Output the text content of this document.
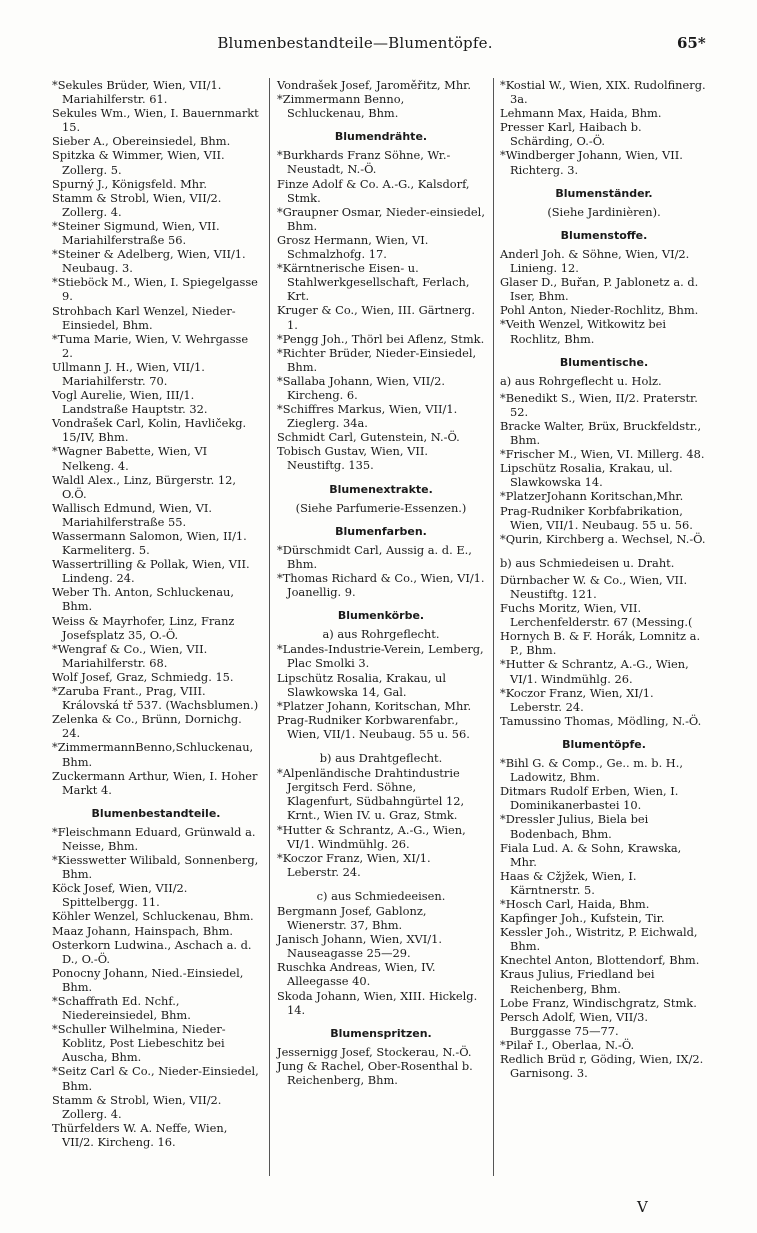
Blumenbestandteile—Blumentöpfe.	65*
*Sekules Brüder, Wien, VII/1. Mariahilferstr. 61.
Sekules Wm., Wien, I. Bauernmarkt 15.
Sieber A., Obereinsiedel, Bhm.
Spitzka & Wimmer, Wien, VII. Zollerg. 5.
Spurný J., Königsfeld. Mhr.
Stamm & Strobl, Wien, VII/2. Zollerg. 4.
*Steiner Sigmund, Wien, VII. Mariahilferstraße 56.
*Steiner & Adelberg, Wien, VII/1. Neubaug. 3.
*Stieböck M., Wien, I. Spiegelgasse 9.
Strohbach Karl Wenzel, Nieder-Einsiedel, Bhm.
*Tuma Marie, Wien, V. Wehrgasse 2.
Ullmann J. H., Wien, VII/1. Mariahilferstr. 70.
Vogl Aurelie, Wien, III/1. Landstraße Hauptstr. 32.
Vondrašek Carl, Kolin, Havličekg. 15/IV, Bhm.
*Wagner Babette, Wien, VI Nelkeng. 4.
Waldl Alex., Linz, Bürgerstr. 12, O.Ö.
Wallisch Edmund, Wien, VI. Mariahilferstraße 55.
Wassermann Salomon, Wien, II/1. Karmeliterg. 5.
Wassertrilling & Pollak, Wien, VII. Lindeng. 24.
Weber Th. Anton, Schluckenau, Bhm.
Weiss & Mayrhofer, Linz, Franz Josefsplatz 35, O.-Ö.
*Wengraf & Co., Wien, VII. Mariahilferstr. 68.
Wolf Josef, Graz, Schmiedg. 15.
*Zaruba Frant., Prag, VIII. Královská tř 537. (Wachsblumen.)
Zelenka & Co., Brünn, Dornichg. 24.
*ZimmermannBenno,Schluckenau, Bhm.
Zuckermann Arthur, Wien, I. Hoher Markt 4.
Blumenbestandteile.
*Fleischmann Eduard, Grünwald a. Neisse, Bhm.
*Kiesswetter Wilibald, Sonnenberg, Bhm.
Köck Josef, Wien, VII/2. Spittelbergg. 11.
Köhler Wenzel, Schluckenau, Bhm.
Maaz Johann, Hainspach, Bhm.
Osterkorn Ludwina., Aschach a. d. D., O.-Ö.
Ponocny Johann, Nied.-Einsiedel, Bhm.
*Schaffrath Ed. Nchf., Niedereinsiedel, Bhm.
*Schuller Wilhelmina, Nieder-Koblitz, Post Liebeschitz bei Auscha, Bhm.
*Seitz Carl & Co., Nieder-Einsiedel, Bhm.
Stamm & Strobl, Wien, VII/2. Zollerg. 4.
Thürfelders W. A. Neffe, Wien, VII/2. Kircheng. 16.
Vondrašek Josef, Jaroměřitz, Mhr.
*Zimmermann Benno, Schluckenau, Bhm.
Blumendrähte.
*Burkhards Franz Söhne, Wr.-Neustadt, N.-Ö.
Finze Adolf & Co. A.-G., Kalsdorf, Stmk.
*Graupner Osmar, Nieder-einsiedel, Bhm.
Grosz Hermann, Wien, VI. Schmalzhofg. 17.
*Kärntnerische Eisen- u. Stahlwerkgesellschaft, Ferlach, Krt.
Kruger & Co., Wien, III. Gärtnerg. 1.
*Pengg Joh., Thörl bei Aflenz, Stmk.
*Richter Brüder, Nieder-Einsiedel, Bhm.
*Sallaba Johann, Wien, VII/2. Kircheng. 6.
*Schiffres Markus, Wien, VII/1. Zieglerg. 34a.
Schmidt Carl, Gutenstein, N.-Ö.
Tobisch Gustav, Wien, VII. Neustiftg. 135.
Blumenextrakte.
(Siehe Parfumerie-Essenzen.)
Blumenfarben.
*Dürschmidt Carl, Aussig a. d. E., Bhm.
*Thomas Richard & Co., Wien, VI/1. Joanellig. 9.
Blumenkörbe.
a) aus Rohrgeflecht.
*Landes-Industrie-Verein, Lemberg, Plac Smolki 3.
Lipschütz Rosalia, Krakau, ul Slawkowska 14, Gal.
*Platzer Johann, Koritschan, Mhr.
Prag-Rudniker Korbwarenfabr., Wien, VII/1. Neubaug. 55 u. 56.
b) aus Drahtgeflecht.
*Alpenländische Drahtindustrie Jergitsch Ferd. Söhne, Klagenfurt, Südbahngürtel 12, Krnt., Wien IV. u. Graz, Stmk.
*Hutter & Schrantz, A.-G., Wien, VI/1. Windmühlg. 26.
*Koczor Franz, Wien, XI/1. Leberstr. 24.
c) aus Schmiedeeisen.
Bergmann Josef, Gablonz, Wienerstr. 37, Bhm.
Janisch Johann, Wien, XVI/1. Nauseagasse 25—29.
Ruschka Andreas, Wien, IV. Alleegasse 40.
Skoda Johann, Wien, XIII. Hickelg. 14.
Blumenspritzen.
Jessernigg Josef, Stockerau, N.-Ö.
Jung & Rachel, Ober-Rosenthal b. Reichenberg, Bhm.
*Kostial W., Wien, XIX. Rudolfinerg. 3a.
Lehmann Max, Haida, Bhm.
Presser Karl, Haibach b. Schärding, O.-Ö.
*Windberger Johann, Wien, VII. Richterg. 3.
Blumenständer.
(Siehe Jardinièren).
Blumenstoffe.
Anderl Joh. & Söhne, Wien, VI/2. Linieng. 12.
Glaser D., Buřan, P. Jablonetz a. d. Iser, Bhm.
Pohl Anton, Nieder-Rochlitz, Bhm.
*Veith Wenzel, Witkowitz bei Rochlitz, Bhm.
Blumentische.
a) aus Rohrgeflecht u. Holz.
*Benedikt S., Wien, II/2. Praterstr. 52.
Bracke Walter, Brüx, Bruckfeldstr., Bhm.
*Frischer M., Wien, VI. Millerg. 48.
Lipschütz Rosalia, Krakau, ul. Slawkowska 14.
*PlatzerJohann Koritschan,Mhr.
Prag-Rudniker Korbfabrikation, Wien, VII/1. Neubaug. 55 u. 56.
*Qurin, Kirchberg a. Wechsel, N.-Ö.
b) aus Schmiedeisen u. Draht.
Dürnbacher W. & Co., Wien, VII. Neustiftg. 121.
Fuchs Moritz, Wien, VII. Lerchenfelderstr. 67 (Messing.(
Hornych B. & F. Horák, Lomnitz a. P., Bhm.
*Hutter & Schrantz, A.-G., Wien, VI/1. Windmühlg. 26.
*Koczor Franz, Wien, XI/1. Leberstr. 24.
Tamussino Thomas, Mödling, N.-Ö.
Blumentöpfe.
*Bihl G. & Comp., Ge.. m. b. H., Ladowitz, Bhm.
Ditmars Rudolf Erben, Wien, I. Dominikanerbastei 10.
*Dressler Julius, Biela bei Bodenbach, Bhm.
Fiala Lud. A. & Sohn, Krawska, Mhr.
Haas & Cžjžek, Wien, I. Kärntnerstr. 5.
*Hosch Carl, Haida, Bhm.
Kapfinger Joh., Kufstein, Tir.
Kessler Joh., Wistritz, P. Eichwald, Bhm.
Knechtel Anton, Blottendorf, Bhm.
Kraus Julius, Friedland bei Reichenberg, Bhm.
Lobe Franz, Windischgratz, Stmk.
Persch Adolf, Wien, VII/3. Burggasse 75—77.
*Pilař I., Oberlaa, N.-Ö.
Redlich Brüd r, Göding, Wien, IX/2. Garnisong. 3.
V
